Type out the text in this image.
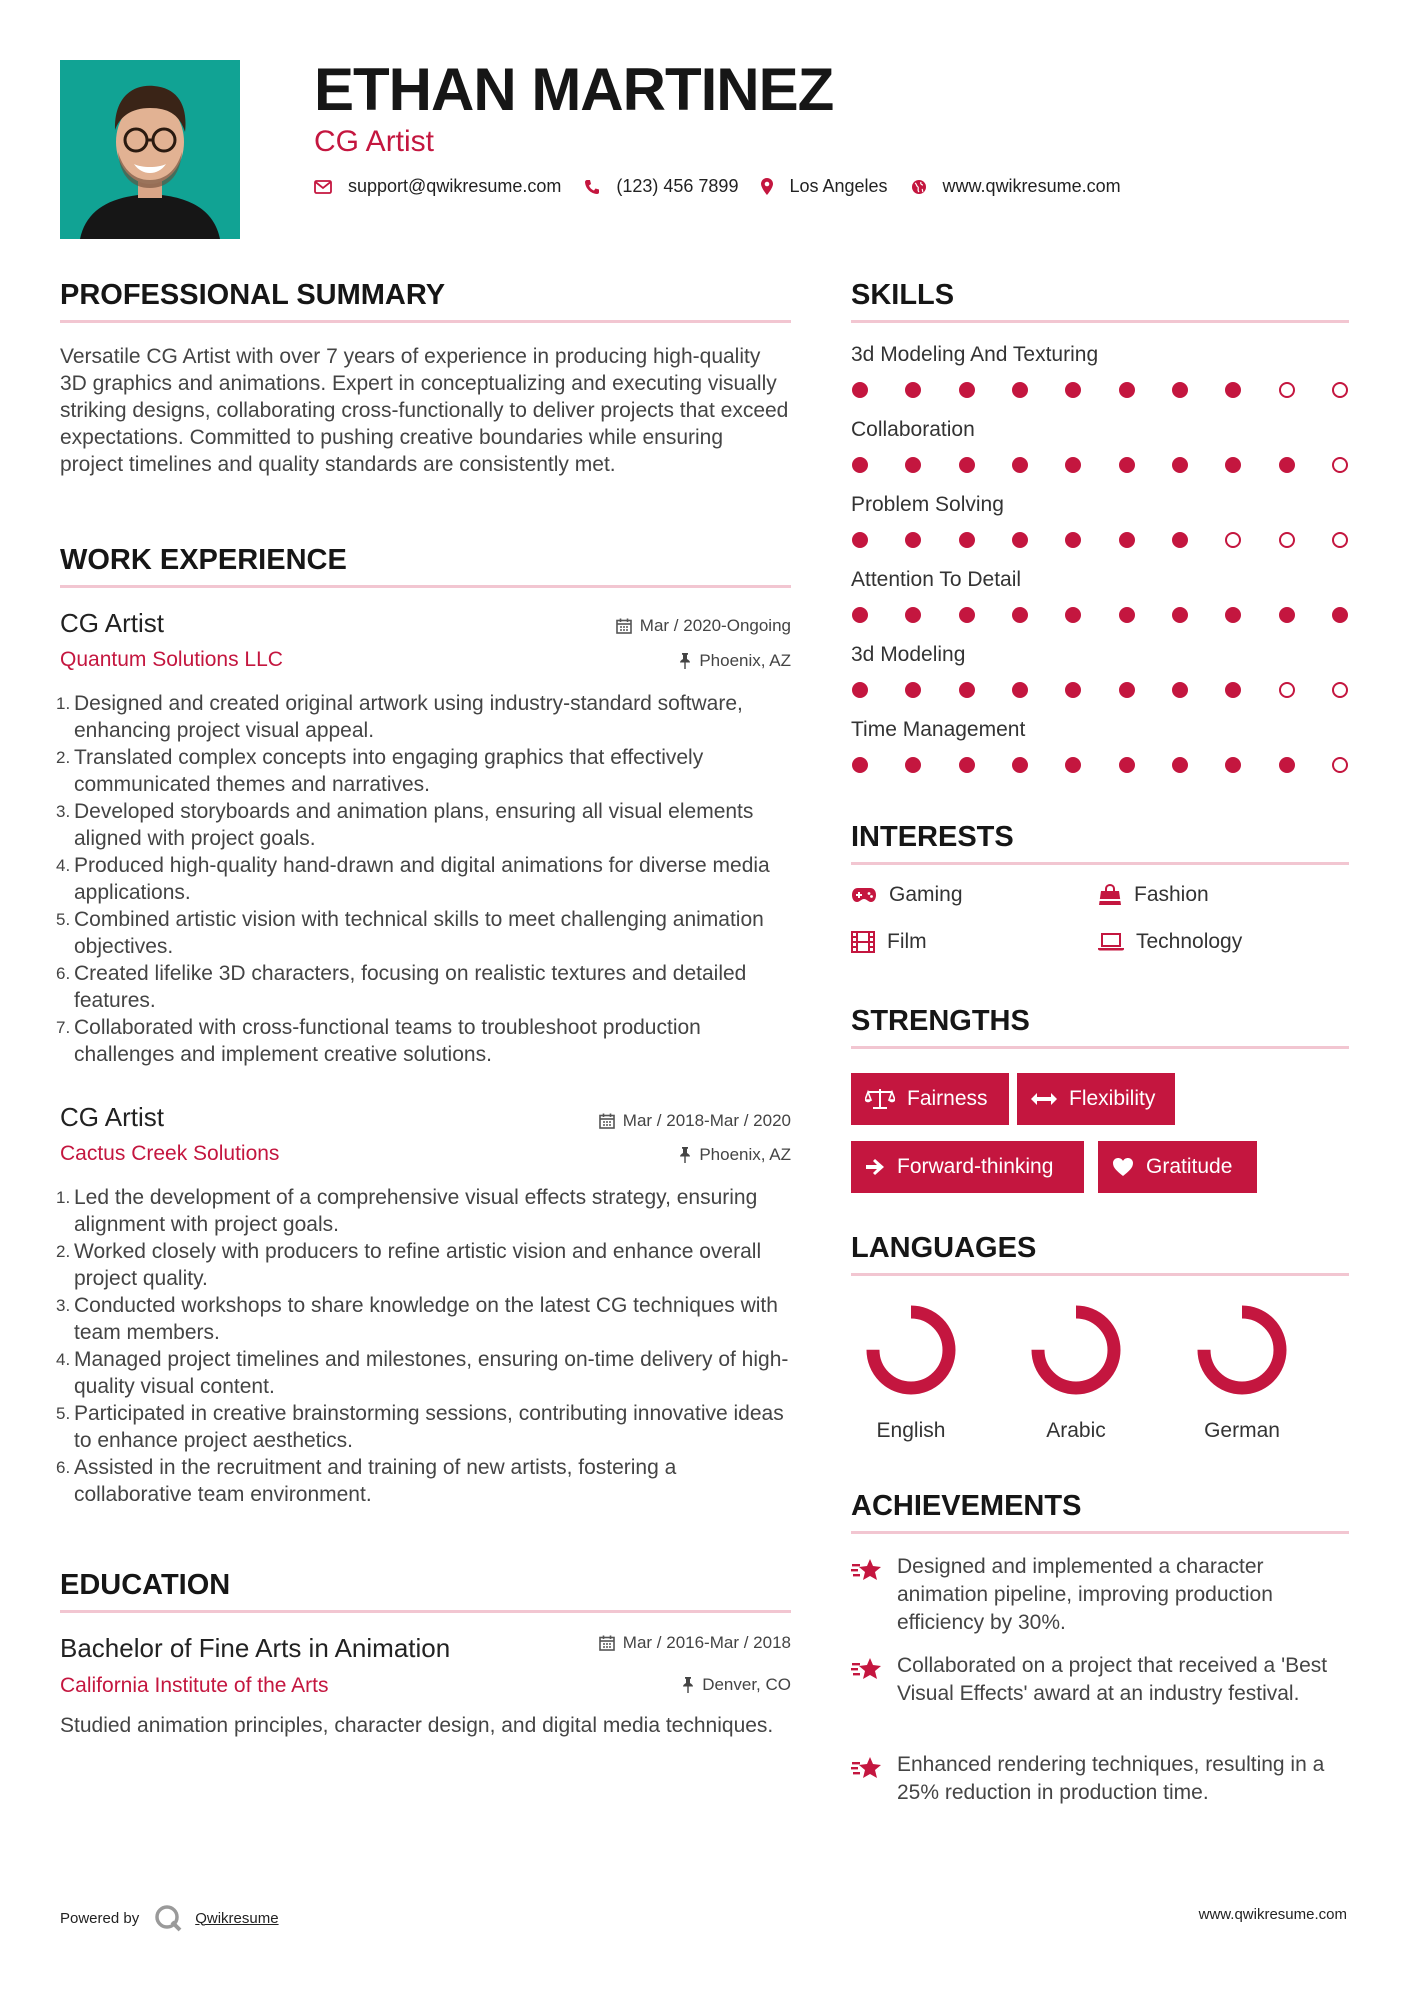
ETHAN MARTINEZ
CG Artist
support@qwikresume.com	(123) 456 7899	Los Angeles	www.qwikresume.com
PROFESSIONAL SUMMARY
Versatile CG Artist with over 7 years of experience in producing high-quality 3D graphics and animations. Expert in conceptualizing and executing visually striking designs, collaborating cross-functionally to deliver projects that exceed expectations. Committed to pushing creative boundaries while ensuring project timelines and quality standards are consistently met.
WORK EXPERIENCE
CG Artist	Mar / 2020-Ongoing
Quantum Solutions LLC	Phoenix, AZ
1. Designed and created original artwork using industry-standard software, enhancing project visual appeal.
2. Translated complex concepts into engaging graphics that effectively communicated themes and narratives.
3. Developed storyboards and animation plans, ensuring all visual elements aligned with project goals.
4. Produced high-quality hand-drawn and digital animations for diverse media applications.
5. Combined artistic vision with technical skills to meet challenging animation objectives.
6. Created lifelike 3D characters, focusing on realistic textures and detailed features.
7. Collaborated with cross-functional teams to troubleshoot production challenges and implement creative solutions.
CG Artist	Mar / 2018-Mar / 2020
Cactus Creek Solutions	Phoenix, AZ
1. Led the development of a comprehensive visual effects strategy, ensuring alignment with project goals.
2. Worked closely with producers to refine artistic vision and enhance overall project quality.
3. Conducted workshops to share knowledge on the latest CG techniques with team members.
4. Managed project timelines and milestones, ensuring on-time delivery of high-quality visual content.
5. Participated in creative brainstorming sessions, contributing innovative ideas to enhance project aesthetics.
6. Assisted in the recruitment and training of new artists, fostering a collaborative team environment.
EDUCATION
Bachelor of Fine Arts in Animation	Mar / 2016-Mar / 2018
California Institute of the Arts	Denver, CO
Studied animation principles, character design, and digital media techniques.
SKILLS
3d Modeling And Texturing
Collaboration
Problem Solving
Attention To Detail
3d Modeling
Time Management
INTERESTS
Gaming	Fashion
Film	Technology
STRENGTHS
Fairness	Flexibility
Forward-thinking	Gratitude
LANGUAGES
English	Arabic	German
ACHIEVEMENTS
Designed and implemented a character animation pipeline, improving production efficiency by 30%.
Collaborated on a project that received a 'Best Visual Effects' award at an industry festival.
Enhanced rendering techniques, resulting in a 25% reduction in production time.
Powered by	Qwikresume	www.qwikresume.com
